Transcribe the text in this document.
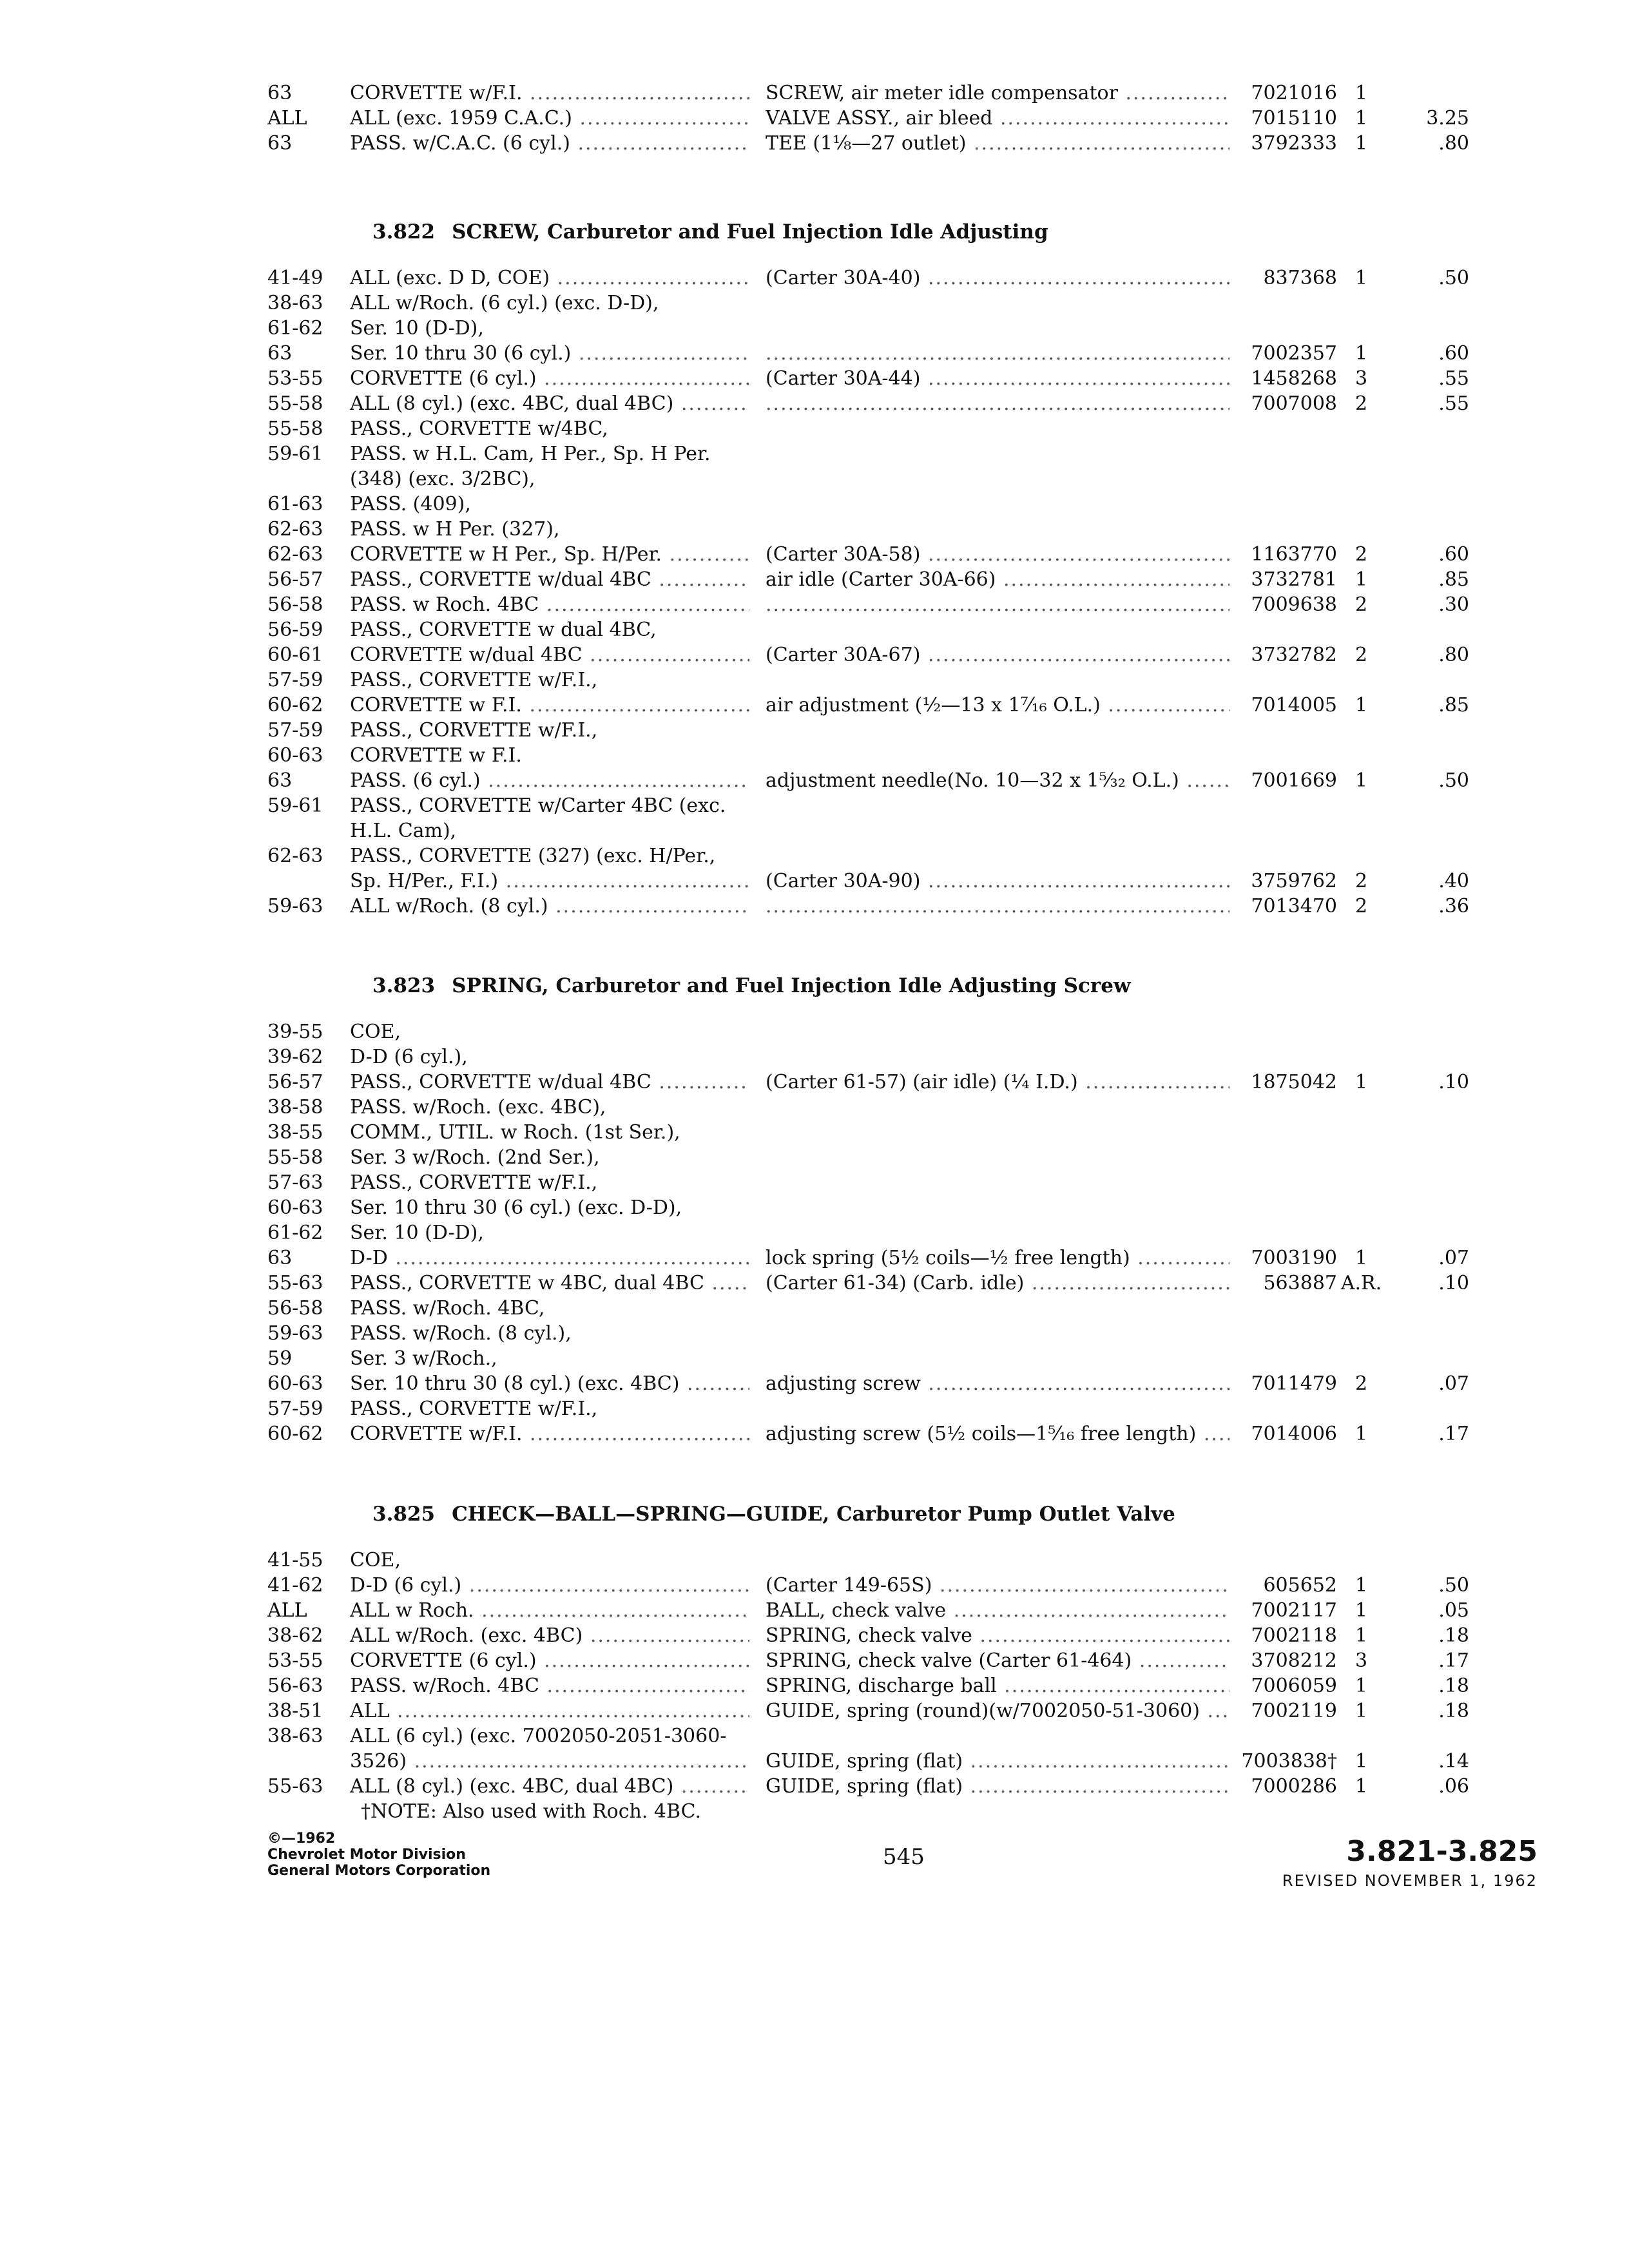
63	CORVETTE w/F.I. .....	SCREW, air meter idle compensator .....	7021016 1
ALL	ALL (exc. 1959 C.A.C.) .....	VALVE ASSY., air bleed .....	7015110 1	3.25
63	PASS. w/C.A.C. (6 cyl.) .....	TEE (1⅛—27 outlet) .....	3792333 1	.80
3.822 SCREW, Carburetor and Fuel Injection Idle Adjusting
41-49	ALL (exc. D D, COE) .....	(Carter 30A-40) .....	837368 1	.50
38-63	ALL w/Roch. (6 cyl.) (exc. D-D),
61-62	Ser. 10 (D-D),
63	Ser. 10 thru 30 (6 cyl.) ..... .....	7002357 1	.60
53-55	CORVETTE (6 cyl.) .....	(Carter 30A-44) .....	1458268 3	.55
55-58	ALL (8 cyl.) (exc. 4BC, dual 4BC) ..... .....	7007008 2	.55
55-58	PASS., CORVETTE w/4BC,
59-61	PASS. w H.L. Cam, H Per., Sp. H Per.
(348) (exc. 3/2BC),
61-63	PASS. (409),
62-63	PASS. w H Per. (327),
62-63	CORVETTE w H Per., Sp. H/Per. .....	(Carter 30A-58) .....	1163770 2	.60
56-57	PASS., CORVETTE w/dual 4BC .....	air idle (Carter 30A-66) .....	3732781 1	.85
56-58	PASS. w Roch. 4BC ..... .....	7009638 2	.30
56-59	PASS., CORVETTE w dual 4BC,
60-61	CORVETTE w/dual 4BC .....	(Carter 30A-67) .....	3732782 2	.80
57-59	PASS., CORVETTE w/F.I.,
60-62	CORVETTE w F.I. .....	air adjustment (½—13 x 1⁷⁄₁₆ O.L.) .....	7014005 1	.85
57-59	PASS., CORVETTE w/F.I.,
60-63	CORVETTE w F.I.
63	PASS. (6 cyl.) .....	adjustment needle(No. 10—32 x 1⁵⁄₃₂ O.L.) .....	7001669 1	.50
59-61	PASS., CORVETTE w/Carter 4BC (exc.
H.L. Cam),
62-63	PASS., CORVETTE (327) (exc. H/Per.,
Sp. H/Per., F.I.) .....	(Carter 30A-90) .....	3759762 2	.40
59-63	ALL w/Roch. (8 cyl.) ..... .....	7013470 2	.36
3.823 SPRING, Carburetor and Fuel Injection Idle Adjusting Screw
39-55	COE,
39-62	D-D (6 cyl.),
56-57	PASS., CORVETTE w/dual 4BC .....	(Carter 61-57) (air idle) (¼ I.D.) .....	1875042 1	.10
38-58	PASS. w/Roch. (exc. 4BC),
38-55	COMM., UTIL. w Roch. (1st Ser.),
55-58	Ser. 3 w/Roch. (2nd Ser.),
57-63	PASS., CORVETTE w/F.I.,
60-63	Ser. 10 thru 30 (6 cyl.) (exc. D-D),
61-62	Ser. 10 (D-D),
63	D-D .....	lock spring (5½ coils—½ free length) .....	7003190 1	.07
55-63	PASS., CORVETTE w 4BC, dual 4BC .....	(Carter 61-34) (Carb. idle) .....	563887 A.R.	.10
56-58	PASS. w/Roch. 4BC,
59-63	PASS. w/Roch. (8 cyl.),
59	Ser. 3 w/Roch.,
60-63	Ser. 10 thru 30 (8 cyl.) (exc. 4BC) .....	adjusting screw .....	7011479 2	.07
57-59	PASS., CORVETTE w/F.I.,
60-62	CORVETTE w/F.I. .....	adjusting screw (5½ coils—1⁵⁄₁₆ free length) .....	7014006 1	.17
3.825 CHECK—BALL—SPRING—GUIDE, Carburetor Pump Outlet Valve
41-55	COE,
41-62	D-D (6 cyl.) .....	(Carter 149-65S) .....	605652 1	.50
ALL	ALL w Roch. .....	BALL, check valve .....	7002117 1	.05
38-62	ALL w/Roch. (exc. 4BC) .....	SPRING, check valve .....	7002118 1	.18
53-55	CORVETTE (6 cyl.) .....	SPRING, check valve (Carter 61-464) .....	3708212 3	.17
56-63	PASS. w/Roch. 4BC .....	SPRING, discharge ball .....	7006059 1	.18
38-51	ALL .....	GUIDE, spring (round)(w/7002050-51-3060) .....	7002119 1	.18
38-63	ALL (6 cyl.) (exc. 7002050-2051-3060-
3526) .....	GUIDE, spring (flat) .....	7003838† 1	.14
55-63	ALL (8 cyl.) (exc. 4BC, dual 4BC) .....	GUIDE, spring (flat) .....	7000286 1	.06
†NOTE: Also used with Roch. 4BC.
©—1962
Chevrolet Motor Division
General Motors Corporation
545	3.821-3.825
REVISED NOVEMBER 1, 1962
